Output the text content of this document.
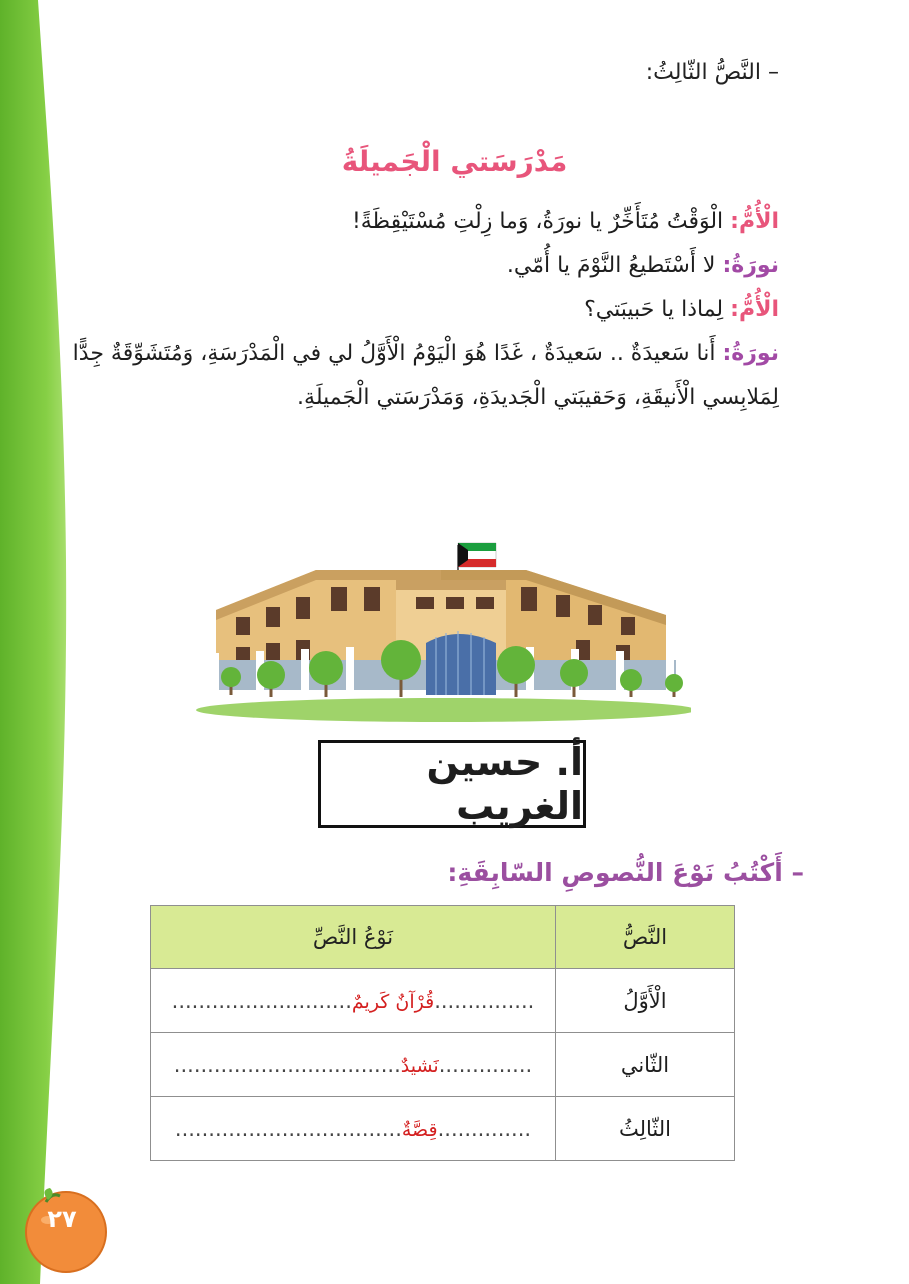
– النَّصُّ الثّالِثُ:
مَدْرَسَتي الْجَميلَةُ
الْأُمُّ: الْوَقْتُ مُتَأَخِّرٌ يا نورَةُ، وَما زِلْتِ مُسْتَيْقِظَةً!
نورَةُ: لا أَسْتَطيعُ النَّوْمَ يا أُمّي.
الْأُمُّ: لِماذا يا حَبيبَتي؟
نورَةُ: أَنا سَعيدَةٌ .. سَعيدَةٌ ، غَدًا هُوَ الْيَوْمُ الْأَوَّلُ لي في الْمَدْرَسَةِ، وَمُتَشَوِّقَةٌ جِدًّا لِمَلابِسي الْأَنيقَةِ، وَحَقيبَتي الْجَديدَةِ، وَمَدْرَسَتي الْجَميلَةِ.
أ. حسين الغريب
– أَكْتُبُ نَوْعَ النُّصوصِ السّابِقَةِ:
النَّصُّ	نَوْعُ النَّصِّ
الْأَوَّلُ	...............قُرْآنٌ كَريمٌ...........................
الثّاني	..............نَشيدٌ..................................
الثّالِثُ	..............قِصَّةٌ..................................
٢٧
